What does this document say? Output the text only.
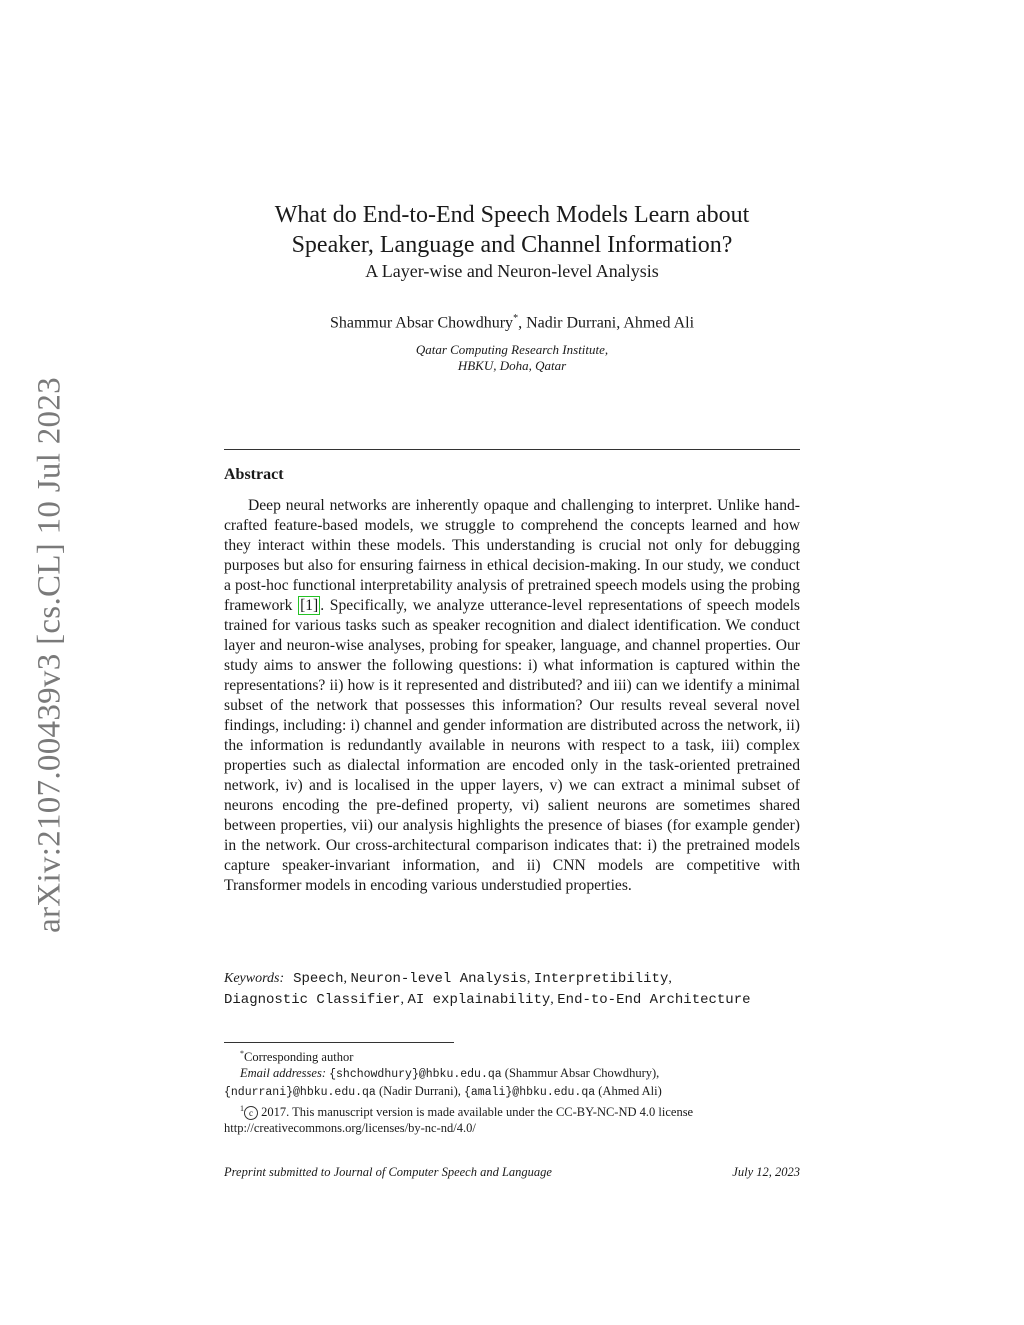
arXiv:2107.00439v3 [cs.CL] 10 Jul 2023

What do End-to-End Speech Models Learn about

Speaker, Language and Channel Information?

A Layer-wise and Neuron-level Analysis

Shammur Absar Chowdhury*, Nadir Durrani, Ahmed Ali
Qatar Computing Research Institute,
HBKU, Doha, Qatar
Abstract

Deep neural networks are inherently opaque and challenging to interpret. Unlike hand-crafted feature-based models, we struggle to comprehend the concepts learned and how they interact within these models. This understanding is crucial not only for debugging purposes but also for ensuring fairness in ethical decision-making. In our study, we conduct a post-hoc functional interpretability analysis of pretrained speech models using the probing framework [1] . Specifically, we analyze utterance-level representations of speech models trained for various tasks such as speaker recognition and dialect identification. We conduct layer and neuron-wise analyses, probing for speaker, language, and channel properties. Our study aims to answer the following questions: i) what information is captured within the representations? ii) how is it represented and distributed? and iii) can we identify a minimal subset of the network that possesses this information? Our results reveal several novel findings, including: i) channel and gender information are distributed across the network, ii) the information is redundantly available in neurons with respect to a task, iii) complex properties such as dialectal information are encoded only in the task-oriented pretrained network, iv) and is localised in the upper layers, v) we can extract a minimal subset of neurons encoding the pre-defined property, vi) salient neurons are sometimes shared between properties, vii) our analysis highlights the presence of biases (for example gender) in the network. Our cross-architectural comparison indicates that: i) the pretrained models capture speaker-invariant information, and ii) CNN models are competitive with Transformer models in encoding various understudied properties.

Keywords: Speech, Neuron-level Analysis, Interpretibility,
Diagnostic Classifier, AI explainability, End-to-End Architecture
*Corresponding author
Email addresses: {shchowdhury}@hbku.edu.qa (Shammur Absar Chowdhury),
{ndurrani}@hbku.edu.qa (Nadir Durrani), {amali}@hbku.edu.qa (Ahmed Ali)
$^1$ c 2017. This manuscript version is made available under the CC-BY-NC-ND 4.0 license
http://creativecommons.org/licenses/by-nc-nd/4.0/
Preprint submitted to Journal of Computer Speech and Language	July 12, 2023
